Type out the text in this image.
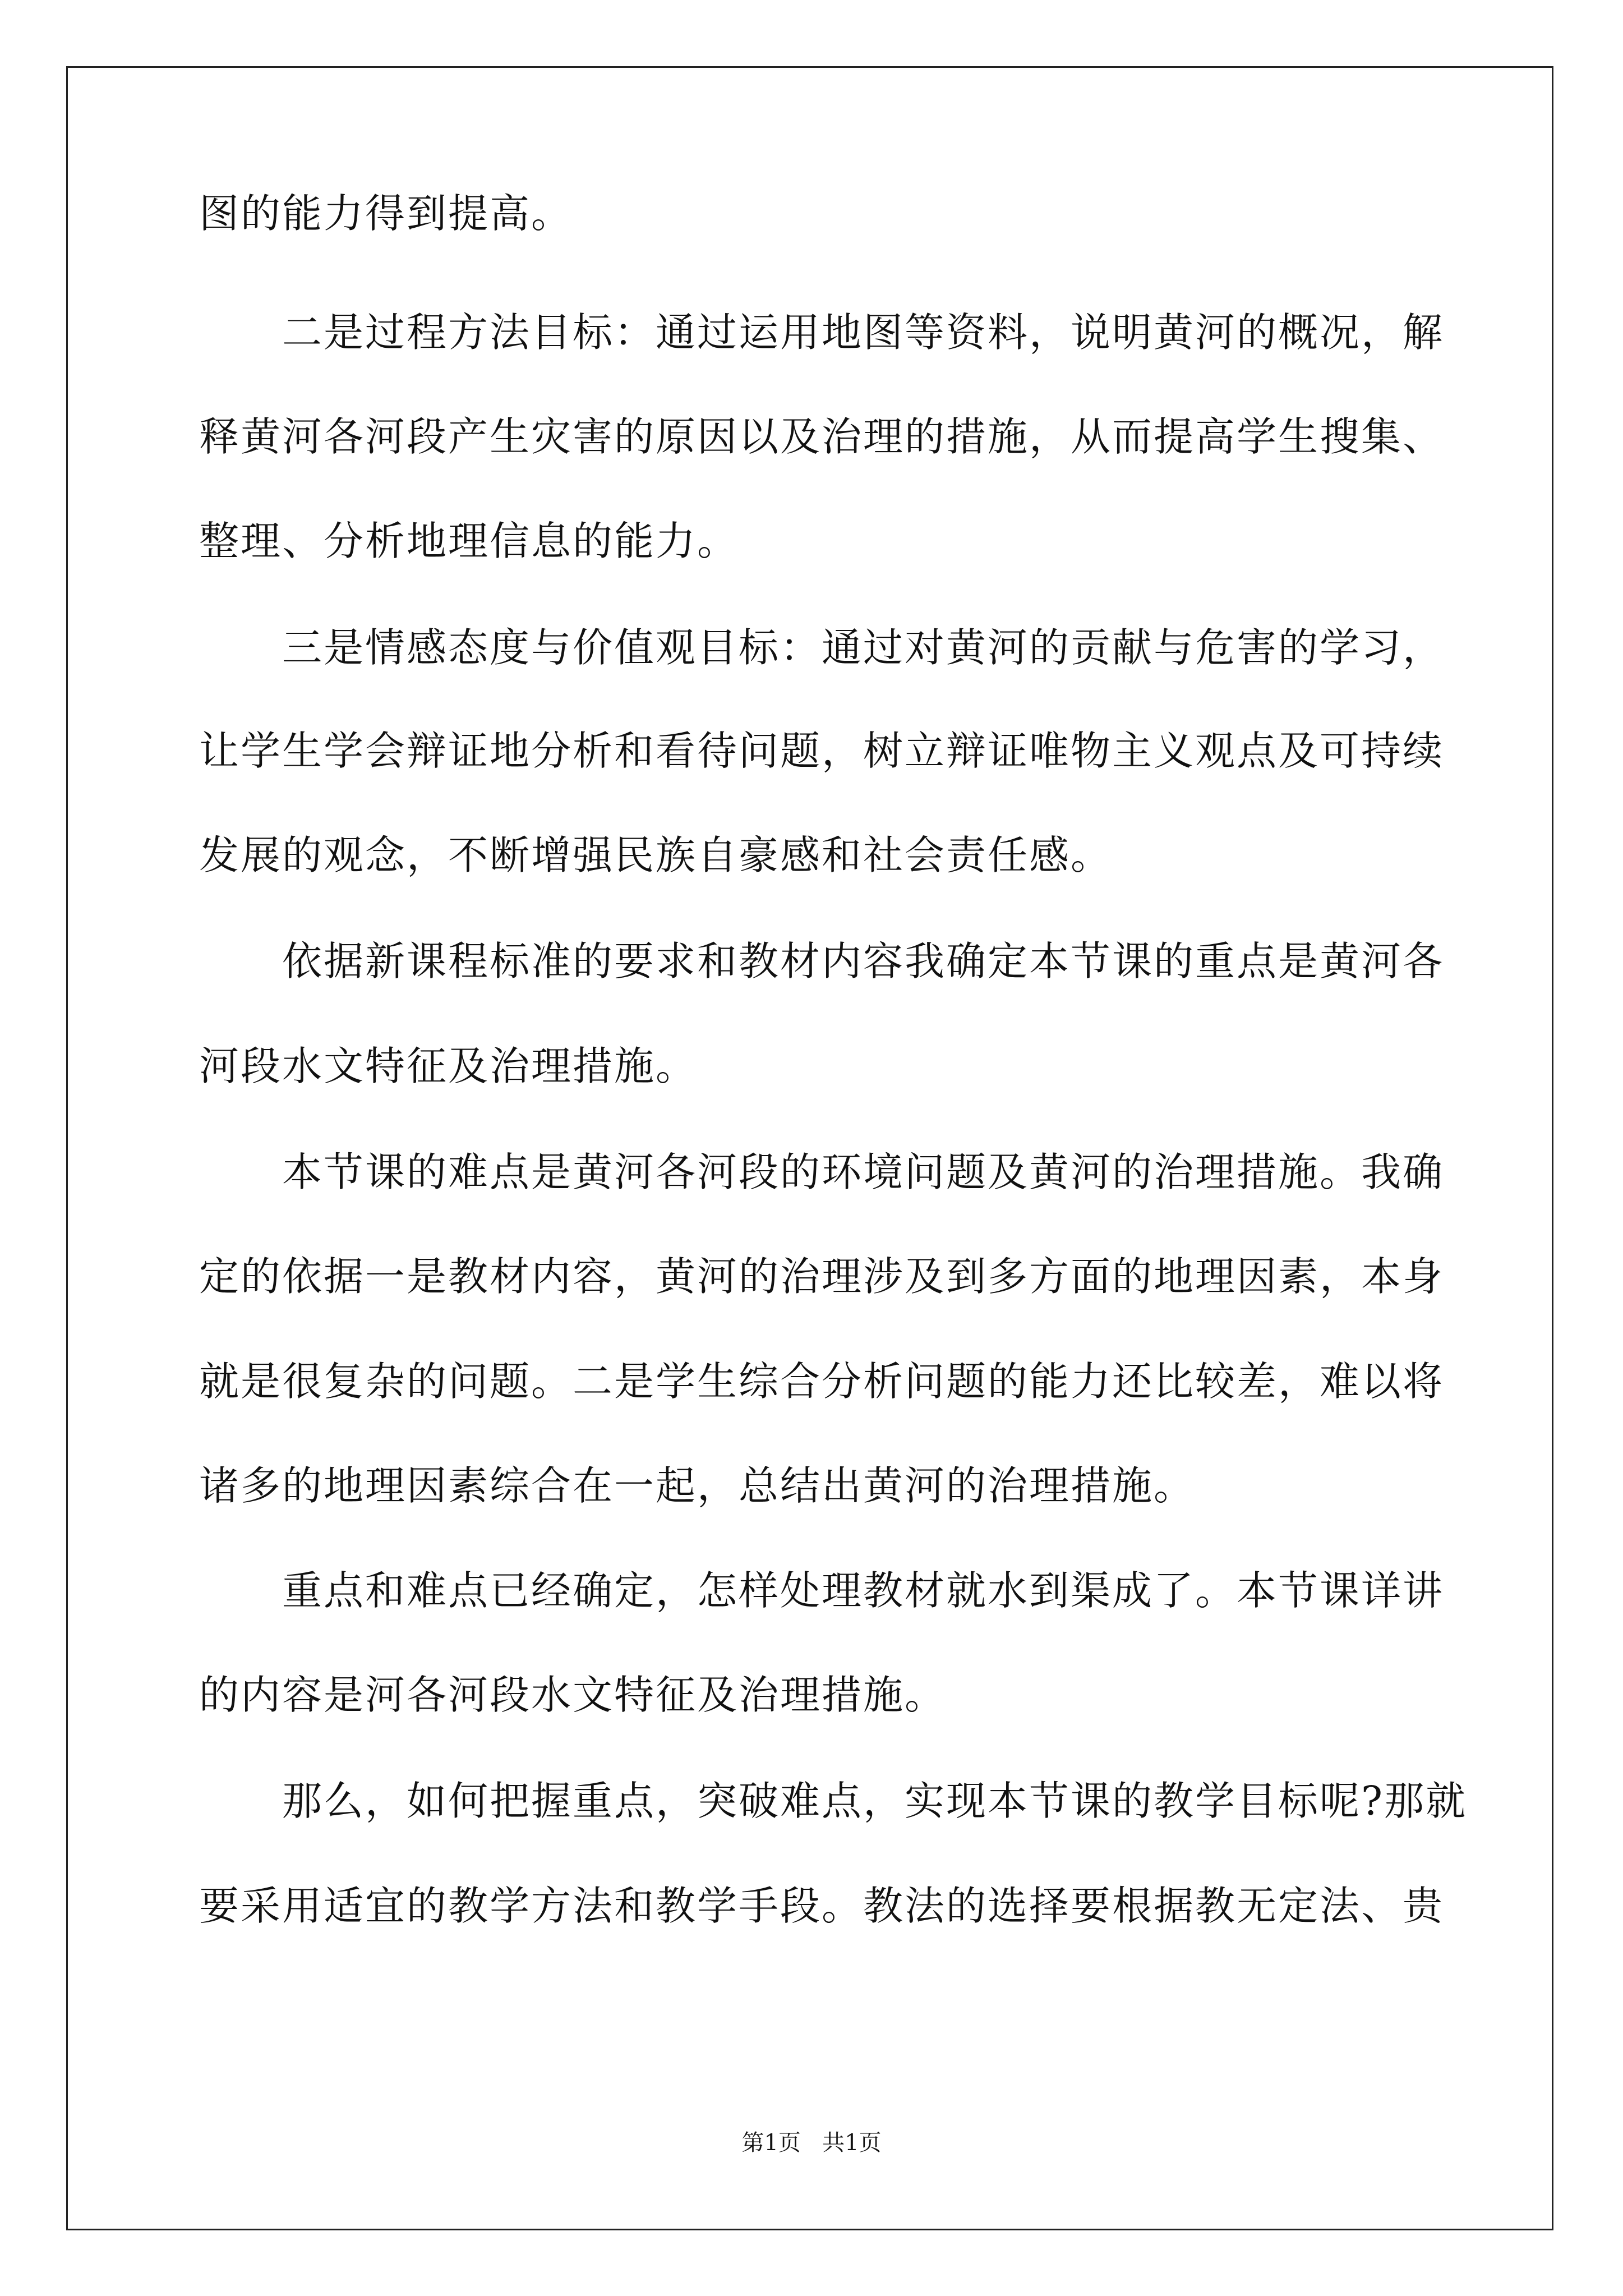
图的能力得到提高。
　　二是过程方法目标：通过运用地图等资料，说明黄河的概况，解
释黄河各河段产生灾害的原因以及治理的措施，从而提高学生搜集、
整理、分析地理信息的能力。
　　三是情感态度与价值观目标：通过对黄河的贡献与危害的学习，
让学生学会辩证地分析和看待问题，树立辩证唯物主义观点及可持续
发展的观念，不断增强民族自豪感和社会责任感。
　　依据新课程标准的要求和教材内容我确定本节课的重点是黄河各
河段水文特征及治理措施。
　　本节课的难点是黄河各河段的环境问题及黄河的治理措施。我确
定的依据一是教材内容，黄河的治理涉及到多方面的地理因素，本身
就是很复杂的问题。二是学生综合分析问题的能力还比较差，难以将
诸多的地理因素综合在一起，总结出黄河的治理措施。
　　重点和难点已经确定，怎样处理教材就水到渠成了。本节课详讲
的内容是河各河段水文特征及治理措施。
　　那么，如何把握重点，突破难点，实现本节课的教学目标呢?那就
要采用适宜的教学方法和教学手段。教法的选择要根据教无定法、贵
第1页 共1页
